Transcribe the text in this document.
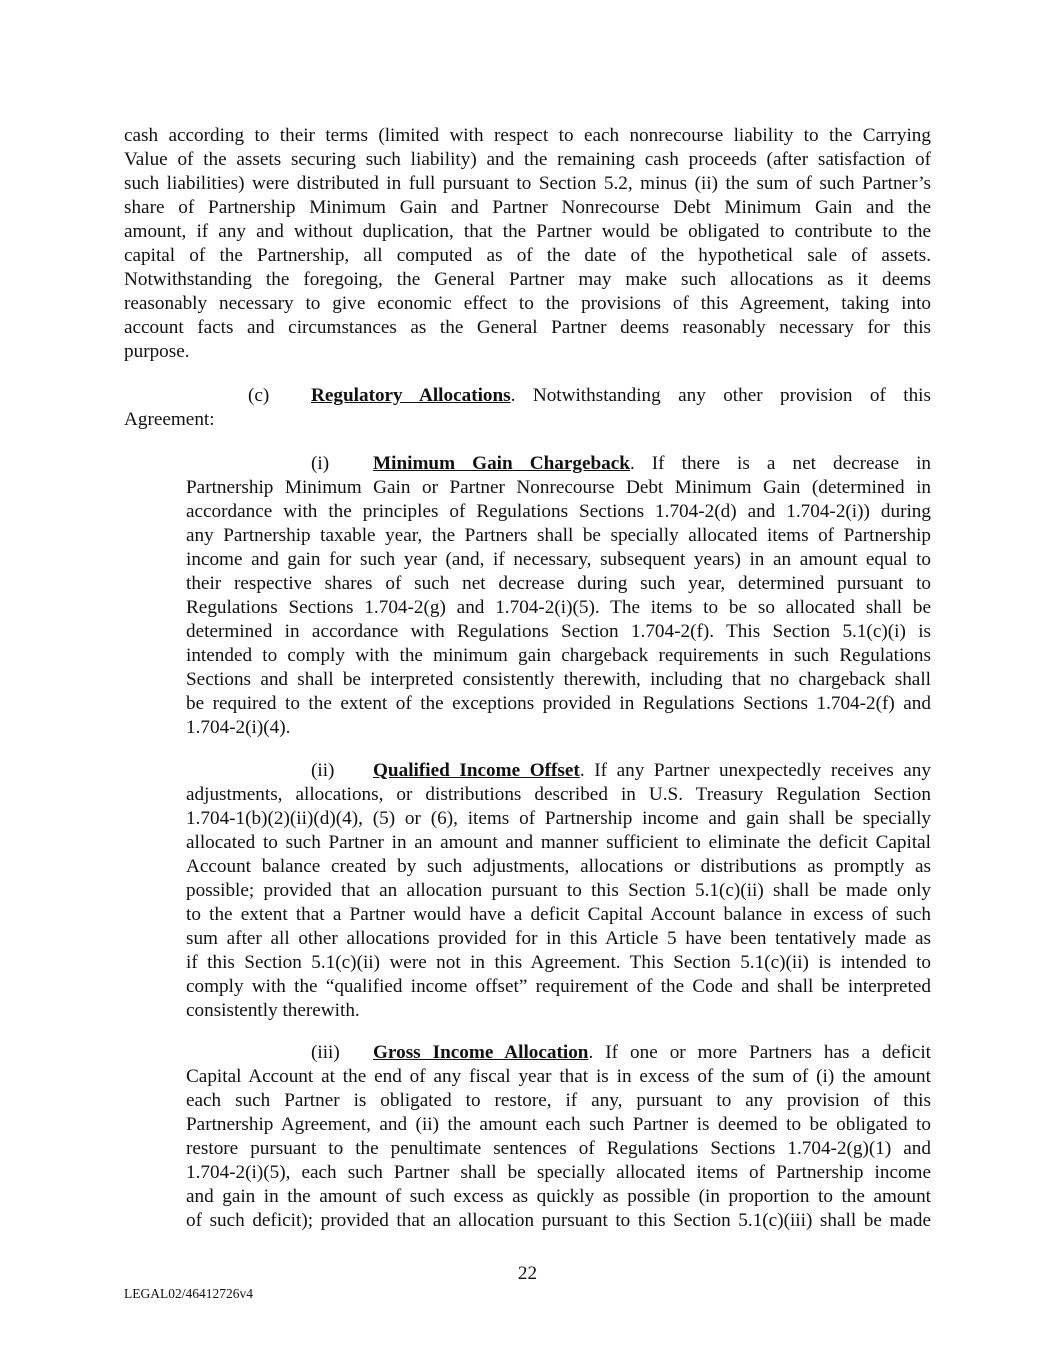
cash according to their terms (limited with respect to each nonrecourse liability to the Carrying
Value of the assets securing such liability) and the remaining cash proceeds (after satisfaction of
such liabilities) were distributed in full pursuant to Section 5.2, minus (ii) the sum of such Partner’s
share of Partnership Minimum Gain and Partner Nonrecourse Debt Minimum Gain and the
amount, if any and without duplication, that the Partner would be obligated to contribute to the
capital of the Partnership, all computed as of the date of the hypothetical sale of assets.
Notwithstanding the foregoing, the General Partner may make such allocations as it deems
reasonably necessary to give economic effect to the provisions of this Agreement, taking into
account facts and circumstances as the General Partner deems reasonably necessary for this
purpose.
(c) Regulatory Allocations. Notwithstanding any other provision of this
Agreement:
(i) Minimum Gain Chargeback. If there is a net decrease in
Partnership Minimum Gain or Partner Nonrecourse Debt Minimum Gain (determined in
accordance with the principles of Regulations Sections 1.704-2(d) and 1.704-2(i)) during
any Partnership taxable year, the Partners shall be specially allocated items of Partnership
income and gain for such year (and, if necessary, subsequent years) in an amount equal to
their respective shares of such net decrease during such year, determined pursuant to
Regulations Sections 1.704-2(g) and 1.704-2(i)(5). The items to be so allocated shall be
determined in accordance with Regulations Section 1.704-2(f). This Section 5.1(c)(i) is
intended to comply with the minimum gain chargeback requirements in such Regulations
Sections and shall be interpreted consistently therewith, including that no chargeback shall
be required to the extent of the exceptions provided in Regulations Sections 1.704-2(f) and
1.704-2(i)(4).
(ii) Qualified Income Offset. If any Partner unexpectedly receives any
adjustments, allocations, or distributions described in U.S. Treasury Regulation Section
1.704-1(b)(2)(ii)(d)(4), (5) or (6), items of Partnership income and gain shall be specially
allocated to such Partner in an amount and manner sufficient to eliminate the deficit Capital
Account balance created by such adjustments, allocations or distributions as promptly as
possible; provided that an allocation pursuant to this Section 5.1(c)(ii) shall be made only
to the extent that a Partner would have a deficit Capital Account balance in excess of such
sum after all other allocations provided for in this Article 5 have been tentatively made as
if this Section 5.1(c)(ii) were not in this Agreement. This Section 5.1(c)(ii) is intended to
comply with the “qualified income offset” requirement of the Code and shall be interpreted
consistently therewith.
(iii) Gross Income Allocation. If one or more Partners has a deficit
Capital Account at the end of any fiscal year that is in excess of the sum of (i) the amount
each such Partner is obligated to restore, if any, pursuant to any provision of this
Partnership Agreement, and (ii) the amount each such Partner is deemed to be obligated to
restore pursuant to the penultimate sentences of Regulations Sections 1.704-2(g)(1) and
1.704-2(i)(5), each such Partner shall be specially allocated items of Partnership income
and gain in the amount of such excess as quickly as possible (in proportion to the amount
of such deficit); provided that an allocation pursuant to this Section 5.1(c)(iii) shall be made
22
LEGAL02/46412726v4
